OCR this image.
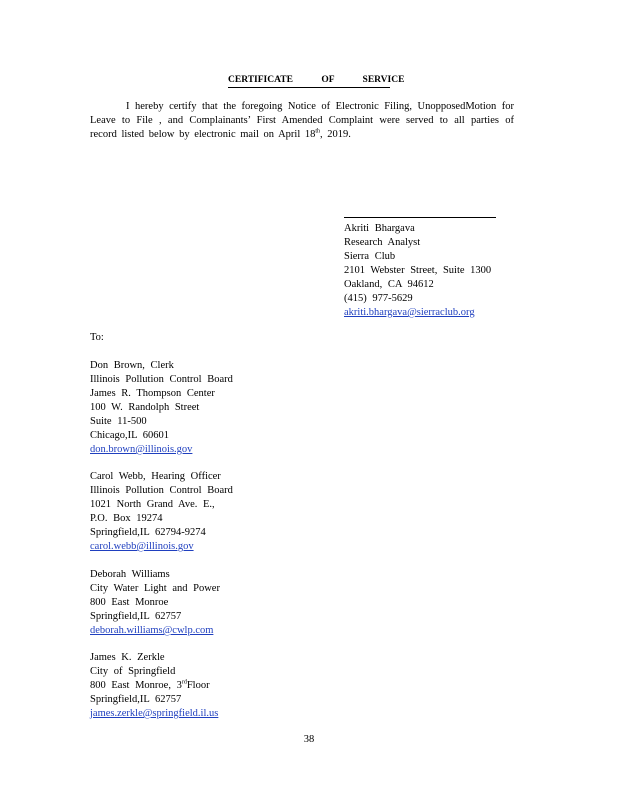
CERTIFICATE OF SERVICE
I hereby certify that the foregoing Notice of Electronic Filing, UnopposedMotion for Leave to File , and Complainants’ First Amended Complaint were served to all parties of record listed below by electronic mail on April 18th, 2019.
Akriti Bhargava
Research Analyst
Sierra Club
2101 Webster Street, Suite 1300
Oakland, CA 94612
(415) 977-5629
akriti.bhargava@sierraclub.org
To:
Don Brown, Clerk
Illinois Pollution Control Board
James R. Thompson Center
100 W. Randolph Street
Suite 11-500
Chicago,IL 60601
don.brown@illinois.gov
Carol Webb, Hearing Officer
Illinois Pollution Control Board
1021 North Grand Ave. E.,
P.O. Box 19274
Springfield,IL 62794-9274
carol.webb@illinois.gov
Deborah Williams
City Water Light and Power
800 East Monroe
Springfield,IL 62757
deborah.williams@cwlp.com
James K. Zerkle
City of Springfield
800 East Monroe, 3rdFloor
Springfield,IL 62757
james.zerkle@springfield.il.us
38
